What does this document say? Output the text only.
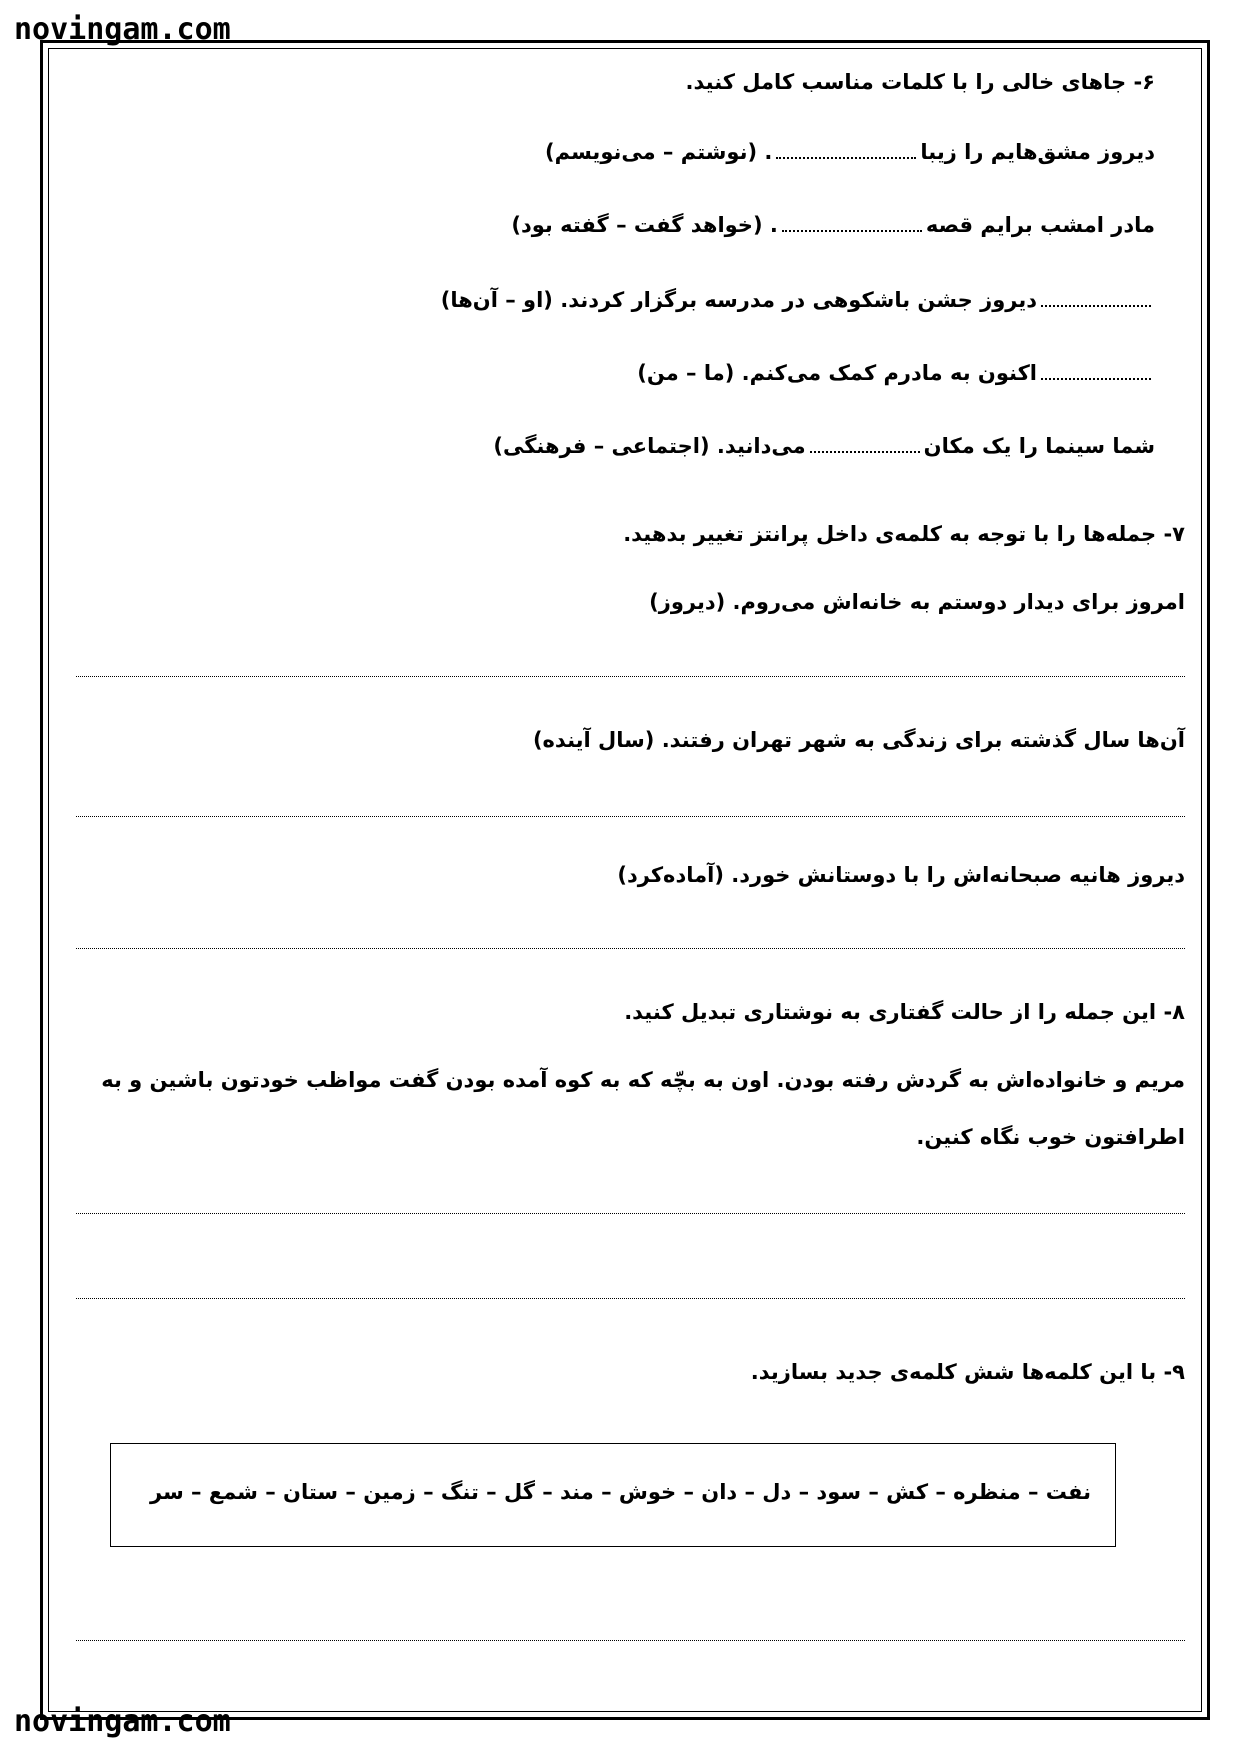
novingam.com
novingam.com
۶- جاهای خالی را با کلمات مناسب کامل کنید.
دیروز مشق‌هایم را زیبا. (نوشتم – می‌نویسم)
مادر امشب برایم قصه. (خواهد گفت – گفته بود)
دیروز جشن باشکوهی در مدرسه برگزار کردند. (او – آن‌ها)
اکنون به مادرم کمک می‌کنم. (ما – من)
شما سینما را یک مکانمی‌دانید. (اجتماعی – فرهنگی)
۷- جمله‌ها را با توجه به کلمه‌ی داخل پرانتز تغییر بدهید.
امروز برای دیدار دوستم به خانه‌اش می‌روم. (دیروز)
آن‌ها سال گذشته برای زندگی به شهر تهران رفتند. (سال آینده)
دیروز هانیه صبحانه‌اش را با دوستانش خورد. (آماده‌کرد)
۸- این جمله را از حالت گفتاری به نوشتاری تبدیل کنید.
مریم و خانواده‌اش به گردش رفته بودن. اون به بچّه که به کوه آمده بودن گفت مواظب خودتون باشین و به
اطرافتون خوب نگاه کنین.
۹- با این کلمه‌ها شش کلمه‌ی جدید بسازید.
نفت – منظره – کش – سود – دل – دان – خوش – مند – گل – تنگ – زمین – ستان – شمع – سر
